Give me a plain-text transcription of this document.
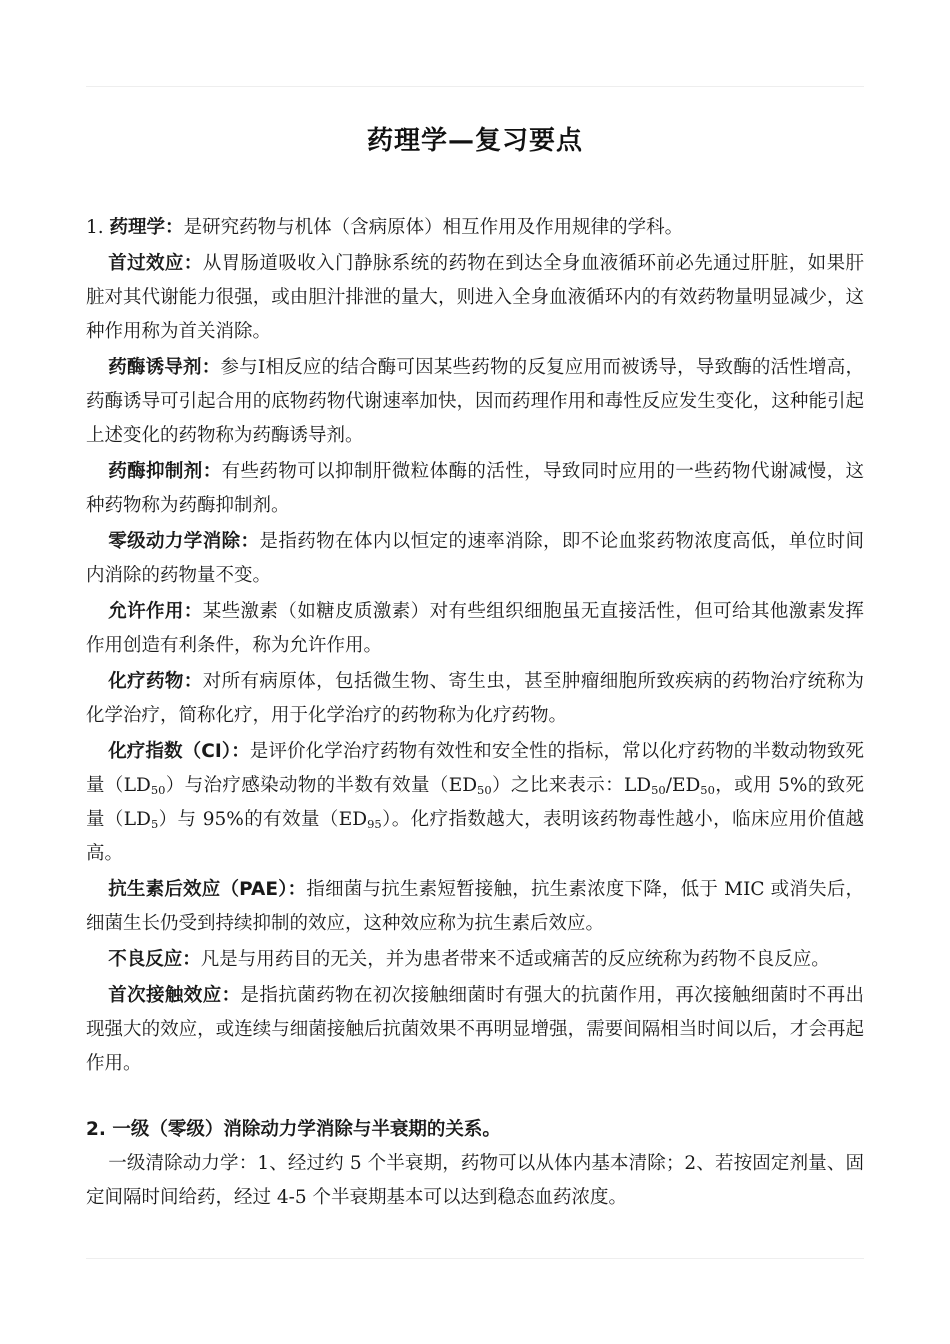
药理学—复习要点

1. 药理学：是研究药物与机体（含病原体）相互作用及作用规律的学科。

首过效应：从胃肠道吸收入门静脉系统的药物在到达全身血液循环前必先通过肝脏，如果肝脏对其代谢能力很强，或由胆汁排泄的量大，则进入全身血液循环内的有效药物量明显减少，这种作用称为首关消除。

药酶诱导剂：参与Ⅰ相反应的结合酶可因某些药物的反复应用而被诱导，导致酶的活性增高，药酶诱导可引起合用的底物药物代谢速率加快，因而药理作用和毒性反应发生变化，这种能引起上述变化的药物称为药酶诱导剂。

药酶抑制剂：有些药物可以抑制肝微粒体酶的活性，导致同时应用的一些药物代谢减慢，这种药物称为药酶抑制剂。

零级动力学消除：是指药物在体内以恒定的速率消除，即不论血浆药物浓度高低，单位时间内消除的药物量不变。

允许作用：某些激素（如糖皮质激素）对有些组织细胞虽无直接活性，但可给其他激素发挥作用创造有利条件，称为允许作用。

化疗药物：对所有病原体，包括微生物、寄生虫，甚至肿瘤细胞所致疾病的药物治疗统称为化学治疗，简称化疗，用于化学治疗的药物称为化疗药物。

化疗指数（CI）：是评价化学治疗药物有效性和安全性的指标，常以化疗药物的半数动物致死量$(LD_{50})$与治疗感染动物的半数有效量$(ED_{50})$之比来表示：$LD_{50}/ED_{50}$，或用 5%的致死量$(LD_5)$与 95%的有效量$(ED_{95})$。化疗指数越大，表明该药物毒性越小，临床应用价值越高。

抗生素后效应（PAE）：指细菌与抗生素短暂接触，抗生素浓度下降，低于 MIC 或消失后，细菌生长仍受到持续抑制的效应，这种效应称为抗生素后效应。

不良反应：凡是与用药目的无关，并为患者带来不适或痛苦的反应统称为药物不良反应。

首次接触效应：是指抗菌药物在初次接触细菌时有强大的抗菌作用，再次接触细菌时不再出现强大的效应，或连续与细菌接触后抗菌效果不再明显增强，需要间隔相当时间以后，才会再起作用。

2. 一级（零级）消除动力学消除与半衰期的关系。

一级清除动力学：1、经过约 5 个半衰期，药物可以从体内基本清除；2、若按固定剂量、固定间隔时间给药，经过 4-5 个半衰期基本可以达到稳态血药浓度。
